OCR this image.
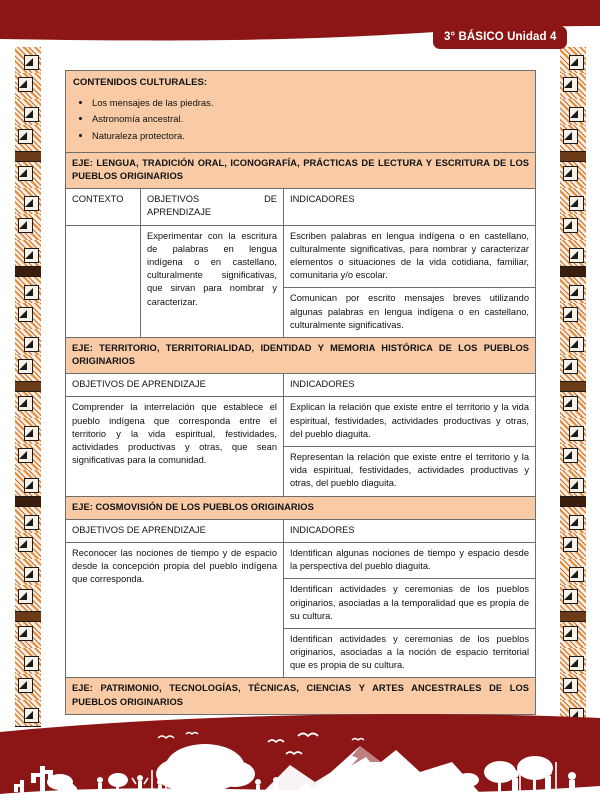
3° BÁSICO Unidad 4
CONTENIDOS CULTURALES:
• Los mensajes de las piedras.
• Astronomía ancestral.
• Naturaleza protectora.

EJE: LENGUA, TRADICIÓN ORAL, ICONOGRAFÍA, PRÁCTICAS DE LECTURA Y ESCRITURA DE LOS PUEBLOS ORIGINARIOS		
CONTEXTO	OBJETIVOS DE APRENDIZAJE	INDICADORES
	Experimentar con la escritura de palabras en lengua indígena o en castellano, culturalmente significativas, que sirvan para nombrar y caracterizar.	Escriben palabras en lengua indígena o en castellano, culturalmente significativas, para nombrar y caracterizar elementos o situaciones de la vida cotidiana, familiar, comunitaria y/o escolar.
		Comunican por escrito mensajes breves utilizando algunas palabras en lengua indígena o en castellano, culturalmente significativas.
EJE: TERRITORIO, TERRITORIALIDAD, IDENTIDAD Y MEMORIA HISTÓRICA DE LOS PUEBLOS ORIGINARIOS		
OBJETIVOS DE APRENDIZAJE		INDICADORES
Comprender la interrelación que establece el pueblo indígena que corresponda entre el territorio y la vida espiritual, festividades, actividades productivas y otras, que sean significativas para la comunidad.		Explican la relación que existe entre el territorio y la vida espiritual, festividades, actividades productivas y otras, del pueblo diaguita.
		Representan la relación que existe entre el territorio y la vida espiritual, festividades, actividades productivas y otras, del pueblo diaguita.
EJE: COSMOVISIÓN DE LOS PUEBLOS ORIGINARIOS		
OBJETIVOS DE APRENDIZAJE		INDICADORES
Reconocer las nociones de tiempo y de espacio desde la concepción propia del pueblo indígena que corresponda.		Identifican algunas nociones de tiempo y espacio desde la perspectiva del pueblo diaguita.
		Identifican actividades y ceremonias de los pueblos originarios, asociadas a la temporalidad que es propia de su cultura.
		Identifican actividades y ceremonias de los pueblos originarios, asociadas a la noción de espacio territorial que es propia de su cultura.
EJE: PATRIMONIO, TECNOLOGÍAS, TÉCNICAS, CIENCIAS Y ARTES ANCESTRALES DE LOS PUEBLOS ORIGINARIOS		
